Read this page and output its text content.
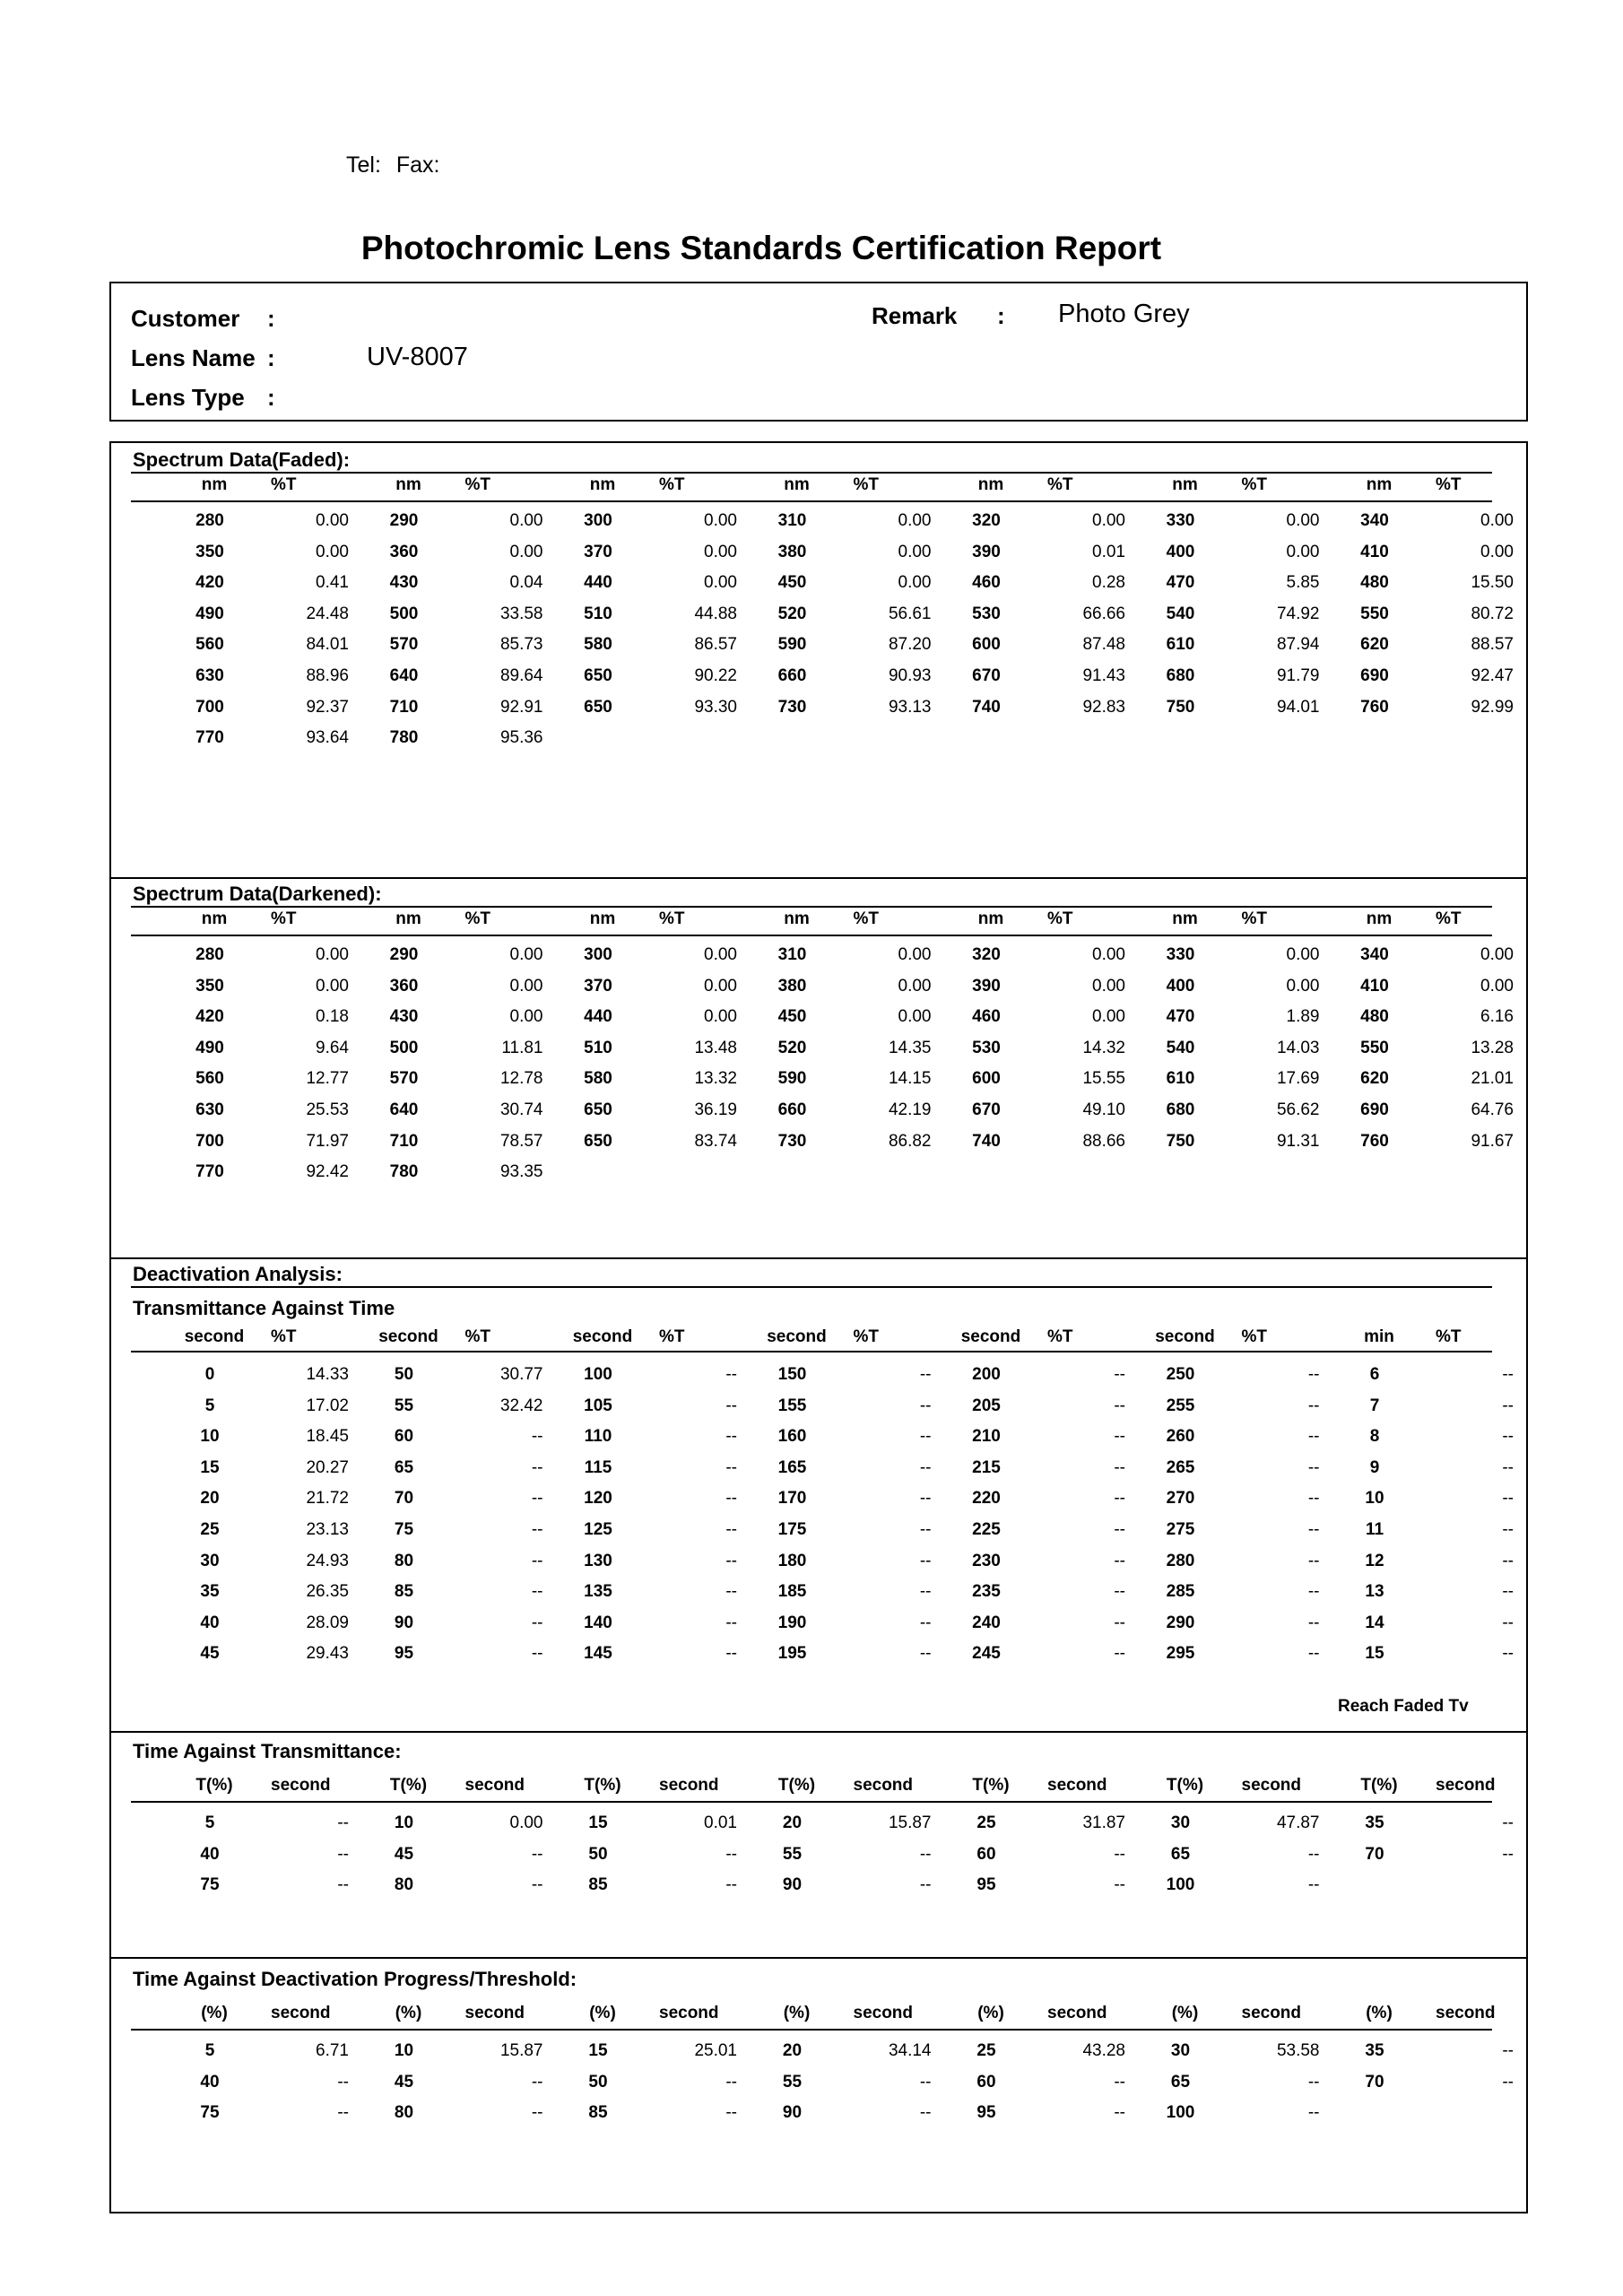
Tel: Fax:
Photochromic Lens Standards Certification Report
Customer :
Lens Name :	UV-8007
Lens Type :
Remark : Photo Grey
Spectrum Data(Faded):
nm	%T	nm	%T	nm	%T	nm	%T	nm	%T	nm	%T	nm	%T
280	0.00	290	0.00	300	0.00	310	0.00	320	0.00	330	0.00	340	0.00
350	0.00	360	0.00	370	0.00	380	0.00	390	0.01	400	0.00	410	0.00
420	0.41	430	0.04	440	0.00	450	0.00	460	0.28	470	5.85	480	15.50
490	24.48	500	33.58	510	44.88	520	56.61	530	66.66	540	74.92	550	80.72
560	84.01	570	85.73	580	86.57	590	87.20	600	87.48	610	87.94	620	88.57
630	88.96	640	89.64	650	90.22	660	90.93	670	91.43	680	91.79	690	92.47
700	92.37	710	92.91	650	93.30	730	93.13	740	92.83	750	94.01	760	92.99
770	93.64	780	95.36
Spectrum Data(Darkened):
nm	%T	nm	%T	nm	%T	nm	%T	nm	%T	nm	%T	nm	%T
280	0.00	290	0.00	300	0.00	310	0.00	320	0.00	330	0.00	340	0.00
350	0.00	360	0.00	370	0.00	380	0.00	390	0.00	400	0.00	410	0.00
420	0.18	430	0.00	440	0.00	450	0.00	460	0.00	470	1.89	480	6.16
490	9.64	500	11.81	510	13.48	520	14.35	530	14.32	540	14.03	550	13.28
560	12.77	570	12.78	580	13.32	590	14.15	600	15.55	610	17.69	620	21.01
630	25.53	640	30.74	650	36.19	660	42.19	670	49.10	680	56.62	690	64.76
700	71.97	710	78.57	650	83.74	730	86.82	740	88.66	750	91.31	760	91.67
770	92.42	780	93.35
Deactivation Analysis:
Transmittance Against Time
second	%T	second	%T	second	%T	second	%T	second	%T	second	%T	min	%T
0	14.33	50	30.77	100	--	150	--	200	--	250	--	6	--
5	17.02	55	32.42	105	--	155	--	205	--	255	--	7	--
10	18.45	60	--	110	--	160	--	210	--	260	--	8	--
15	20.27	65	--	115	--	165	--	215	--	265	--	9	--
20	21.72	70	--	120	--	170	--	220	--	270	--	10	--
25	23.13	75	--	125	--	175	--	225	--	275	--	11	--
30	24.93	80	--	130	--	180	--	230	--	280	--	12	--
35	26.35	85	--	135	--	185	--	235	--	285	--	13	--
40	28.09	90	--	140	--	190	--	240	--	290	--	14	--
45	29.43	95	--	145	--	195	--	245	--	295	--	15	--
Reach Faded Tv
Time Against Transmittance:
T(%)	second	T(%)	second	T(%)	second	T(%)	second	T(%)	second	T(%)	second	T(%)	second
5	--	10	0.00	15	0.01	20	15.87	25	31.87	30	47.87	35	--
40	--	45	--	50	--	55	--	60	--	65	--	70	--
75	--	80	--	85	--	90	--	95	--	100	--
Time Against Deactivation Progress/Threshold:
(%)	second	(%)	second	(%)	second	(%)	second	(%)	second	(%)	second	(%)	second
5	6.71	10	15.87	15	25.01	20	34.14	25	43.28	30	53.58	35	--
40	--	45	--	50	--	55	--	60	--	65	--	70	--
75	--	80	--	85	--	90	--	95	--	100	--
